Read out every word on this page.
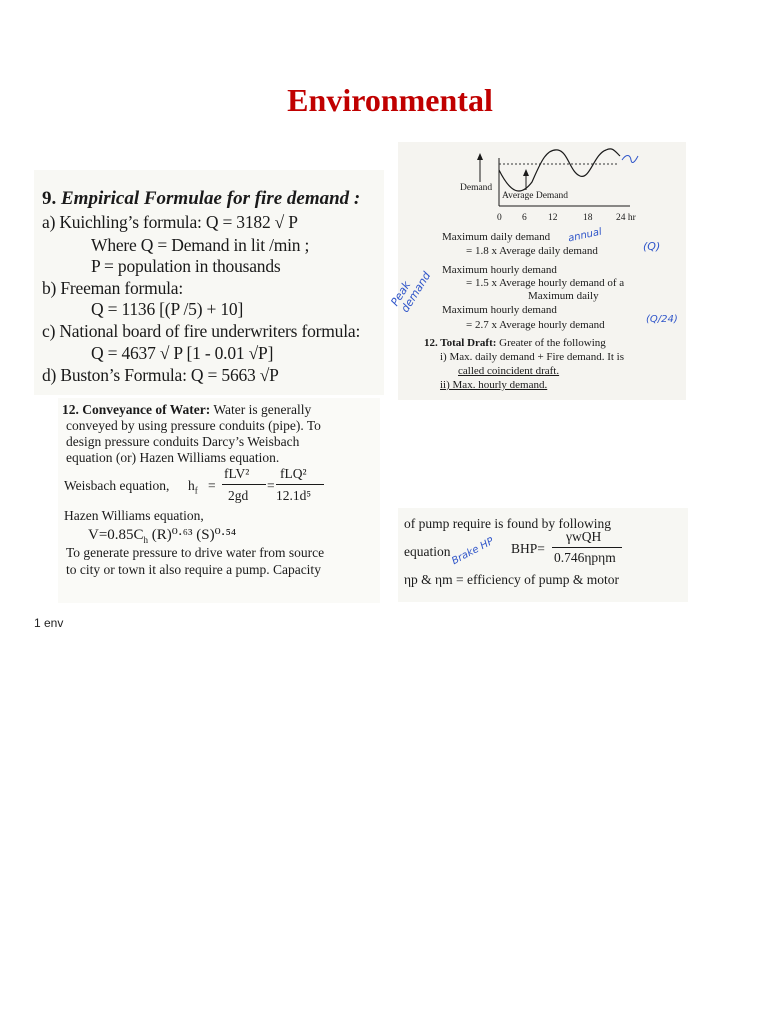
Environmental
9. Empirical Formulae for fire demand :
a) Kuichling’s formula: Q = 3182 √ P
Where Q = Demand in lit /min ;
P = population in thousands
b) Freeman formula:
Q = 1136 [(P /5) + 10]
c) National board of fire underwriters formula:
Q = 4637 √ P [1 - 0.01 √P]
d) Buston’s Formula: Q = 5663 √P
Demand
Average Demand
0 6 12	18 24 hr
Maximum daily demand
= 1.8 x Average daily demand
Maximum hourly demand
= 1.5 x Average hourly demand of a
Maximum daily
Maximum hourly demand
= 2.7 x Average hourly demand
12. Total Draft: Greater of the following
i) Max. daily demand + Fire demand. It is
called coincident draft.
ii) Max. hourly demand.
annual
(Q)
(Q/24)
Peak demand
12. Conveyance of Water: Water is generally
conveyed by using pressure conduits (pipe). To
design pressure conduits Darcy’s Weisbach
equation (or) Hazen Williams equation.
Weisbach equation, $h_f$ =
fLV²
2gd
=
fLQ²
12.1d⁵
Hazen Williams equation,
$V=0.85C_h$ (R)⁰·⁶³ (S)⁰·⁵⁴
To generate pressure to drive water from source
to city or town it also require a pump. Capacity
of pump require is found by following
equation	BHP=
γwQH
0.746ηpηm
ηp & ηm = efficiency of pump & motor
Brake HP
1 env
